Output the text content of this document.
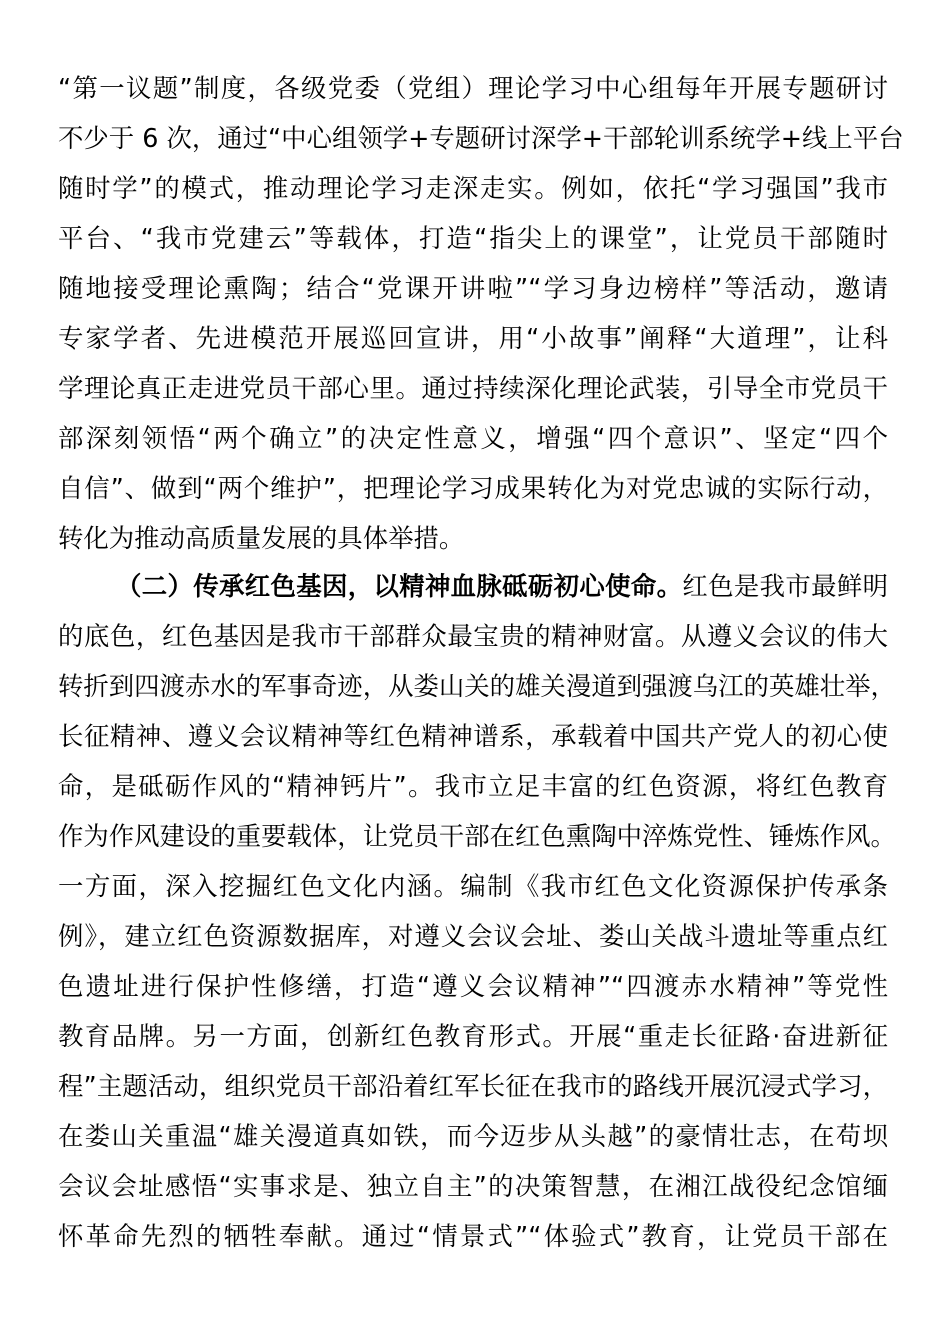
“第一议题”制度，各级党委（党组）理论学习中心组每年开展专题研讨
不少于 6 次，通过“中心组领学+专题研讨深学+干部轮训系统学+线上平台
随时学”的模式，推动理论学习走深走实。例如，依托“学习强国”我市
平台、“我市党建云”等载体，打造“指尖上的课堂”，让党员干部随时
随地接受理论熏陶；结合“党课开讲啦”“学习身边榜样”等活动，邀请
专家学者、先进模范开展巡回宣讲，用“小故事”阐释“大道理”，让科
学理论真正走进党员干部心里。通过持续深化理论武装，引导全市党员干
部深刻领悟“两个确立”的决定性意义，增强“四个意识”、坚定“四个
自信”、做到“两个维护”，把理论学习成果转化为对党忠诚的实际行动，
转化为推动高质量发展的具体举措。
（二）传承红色基因，以精神血脉砥砺初心使命。红色是我市最鲜明
的底色，红色基因是我市干部群众最宝贵的精神财富。从遵义会议的伟大
转折到四渡赤水的军事奇迹，从娄山关的雄关漫道到强渡乌江的英雄壮举，
长征精神、遵义会议精神等红色精神谱系，承载着中国共产党人的初心使
命，是砥砺作风的“精神钙片”。我市立足丰富的红色资源，将红色教育
作为作风建设的重要载体，让党员干部在红色熏陶中淬炼党性、锤炼作风。
一方面，深入挖掘红色文化内涵。编制《我市红色文化资源保护传承条
例》，建立红色资源数据库，对遵义会议会址、娄山关战斗遗址等重点红
色遗址进行保护性修缮，打造“遵义会议精神”“四渡赤水精神”等党性
教育品牌。另一方面，创新红色教育形式。开展“重走长征路·奋进新征
程”主题活动，组织党员干部沿着红军长征在我市的路线开展沉浸式学习，
在娄山关重温“雄关漫道真如铁，而今迈步从头越”的豪情壮志，在苟坝
会议会址感悟“实事求是、独立自主”的决策智慧，在湘江战役纪念馆缅
怀革命先烈的牺牲奉献。通过“情景式”“体验式”教育，让党员干部在
